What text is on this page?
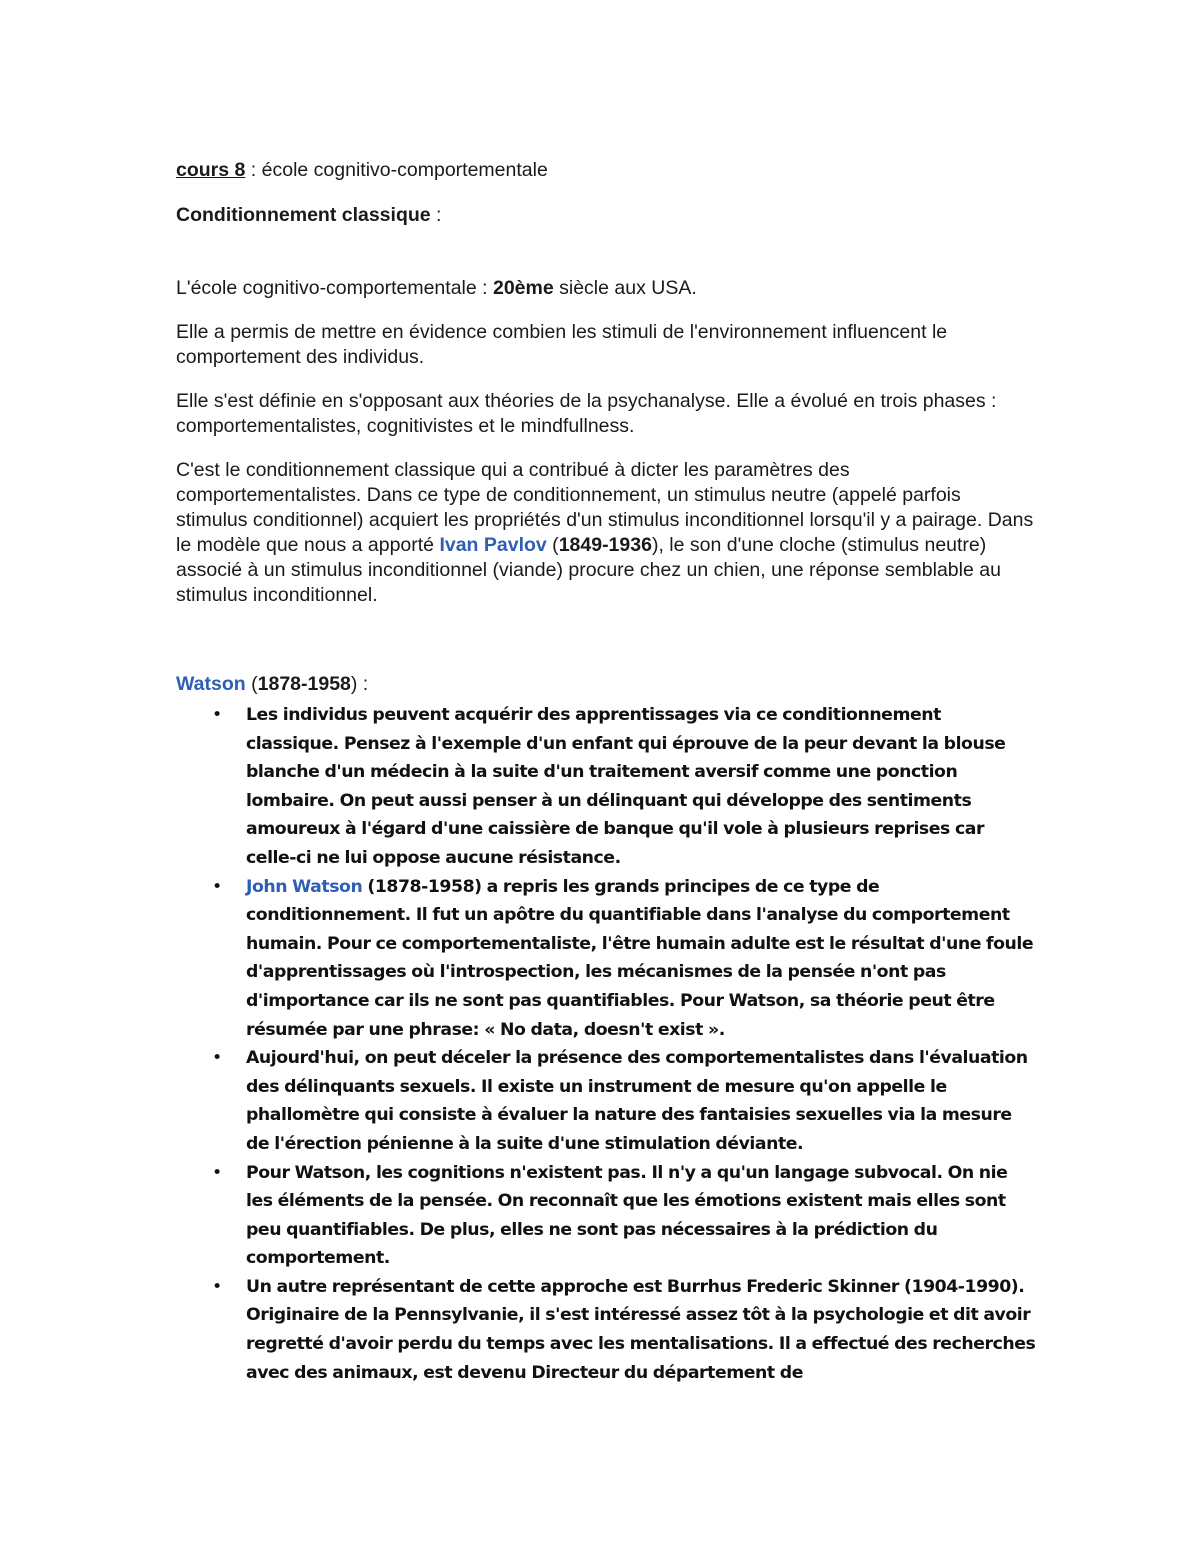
cours 8 : école cognitivo-comportementale

Conditionnement classique :

L'école cognitivo-comportementale : 20ème siècle aux USA.

Elle a permis de mettre en évidence combien les stimuli de l'environnement influencent le comportement des individus.

Elle s'est définie en s'opposant aux théories de la psychanalyse. Elle a évolué en trois phases : comportementalistes, cognitivistes et le mindfullness.

C'est le conditionnement classique qui a contribué à dicter les paramètres des comportementalistes. Dans ce type de conditionnement, un stimulus neutre (appelé parfois stimulus conditionnel) acquiert les propriétés d'un stimulus inconditionnel lorsqu'il y a pairage. Dans le modèle que nous a apporté Ivan Pavlov (1849-1936), le son d'une cloche (stimulus neutre) associé à un stimulus inconditionnel (viande) procure chez un chien, une réponse semblable au stimulus inconditionnel.

Watson (1878-1958) :

• Les individus peuvent acquérir des apprentissages via ce conditionnement classique. Pensez à l'exemple d'un enfant qui éprouve de la peur devant la blouse blanche d'un médecin à la suite d'un traitement aversif comme une ponction lombaire. On peut aussi penser à un délinquant qui développe des sentiments amoureux à l'égard d'une caissière de banque qu'il vole à plusieurs reprises car celle-ci ne lui oppose aucune résistance.
• John Watson (1878-1958) a repris les grands principes de ce type de conditionnement. Il fut un apôtre du quantifiable dans l'analyse du comportement humain. Pour ce comportementaliste, l'être humain adulte est le résultat d'une foule d'apprentissages où l'introspection, les mécanismes de la pensée n'ont pas d'importance car ils ne sont pas quantifiables. Pour Watson, sa théorie peut être résumée par une phrase: « No data, doesn't exist ».
• Aujourd'hui, on peut déceler la présence des comportementalistes dans l'évaluation des délinquants sexuels. Il existe un instrument de mesure qu'on appelle le phallomètre qui consiste à évaluer la nature des fantaisies sexuelles via la mesure de l'érection pénienne à la suite d'une stimulation déviante.
• Pour Watson, les cognitions n'existent pas. Il n'y a qu'un langage subvocal. On nie les éléments de la pensée. On reconnaît que les émotions existent mais elles sont peu quantifiables. De plus, elles ne sont pas nécessaires à la prédiction du comportement.
• Un autre représentant de cette approche est Burrhus Frederic Skinner (1904-1990). Originaire de la Pennsylvanie, il s'est intéressé assez tôt à la psychologie et dit avoir regretté d'avoir perdu du temps avec les mentalisations. Il a effectué des recherches avec des animaux, est devenu Directeur du département de
